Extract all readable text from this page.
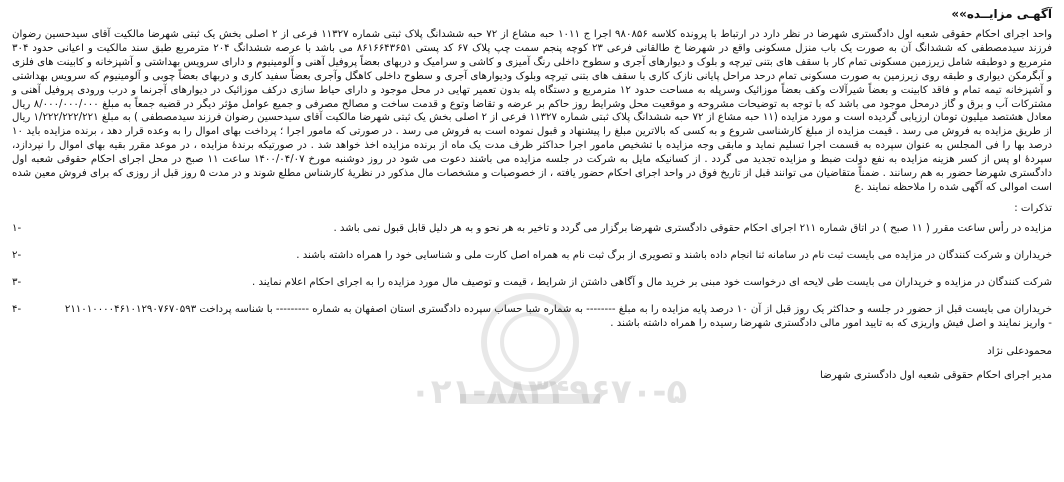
آگهـی مزایــده»»

واحد اجرای احکام حقوقی شعبه اول دادگستری شهرضا در نظر دارد در ارتباط با پرونده کلاسه ۹۸۰۸۵۶ اجرا ج ۱۰۱۱ حبه مشاع از ۷۲ حبه ششدانگ پلاک ثبتی شماره ۱۱۳۲۷ فرعی از ۲ اصلی بخش یک ثبتی شهرضا مالکیت آقای سیدحسین رضوان فرزند سیدمصطفی که ششدانگ آن به صورت یک باب منزل مسکونی واقع در شهرضا خ طالقانی فرعی ۲۳ کوچه پنجم سمت چپ پلاک ۶۷ کد پستی ۸۶۱۶۶۴۳۶۵۱ می باشد با عرصه ششدانگ ۲۰۴ مترمربع طبق سند مالکیت و اعیانی حدود ۳۰۴ مترمربع و دوطبقه شامل زیرزمین مسکونی تمام کار با سقف های بتنی تیرچه و بلوک و دیوارهای آجری و سطوح داخلی رنگ آمیزی و کاشی و سرامیک و دربهای بعضاً پروفیل آهنی و آلومینیوم و دارای سرویس بهداشتی و آشپزخانه و کابینت های فلزی و آبگرمکن دیواری و طبقه روی زیرزمین به صورت مسکونی تمام درحد مراحل پایانی نازک کاری با سقف های بتنی تیرچه وبلوک ودیوارهای آجری و سطوح داخلی کاهگل وآجری بعضاً سفید کاری و دربهای بعضاً چوبی و آلومینیوم که سرویس بهداشتی و آشپزخانه تیمه تمام و فاقد کابینت و بعضاً شیرآلات وکف بعضاً موزائیک وسرپله به مساحت حدود ۱۲ مترمربع و دستگاه پله بدون تعمیر تهایی در محل موجود و دارای حیاط سازی درکف موزائیک در دیوارهای آجرنما و درب ورودی پروفیل آهنی و مشترکات آب و برق و گاز درمحل موجود می باشد که با توجه به توضیحات مشروحه و موقعیت محل وشرایط روز حاکم بر عرضه و تقاضا وتوع و قدمت ساخت و مصالح مصرفی و جمیع عوامل مؤثر دیگر در قضیه جمعاً به مبلغ ۸/۰۰۰/۰۰۰/۰۰۰ ریال معادل هشتصد میلیون تومان ارزیابی گردیده است و مورد مزایده (۱۱ حبه مشاع از ۷۲ حبه ششدانگ پلاک ثبتی شماره ۱۱۳۲۷ فرعی از ۲ اصلی بخش یک ثبتی شهرضا مالکیت آقای سیدحسین رضوان فرزند سیدمصطفی ) به مبلغ ۱/۲۲۲/۲۲۲/۲۲۱ ریال از طریق مزایده به فروش می رسد . قیمت مزایده از مبلغ کارشناسی شروع و به کسی که بالاترین مبلغ را پیشنهاد و قبول نموده است به فروش می رسد . در صورتی که مامور اجرا ؛ پرداخت بهای اموال را به وعده قرار دهد ، برنده مزایده باید ۱۰ درصد بها را فی المجلس به عنوان سپرده به قسمت اجرا تسلیم نماید و مابقی وجه مزایده با تشخیص مامور اجرا حداکثر ظرف مدت یک ماه از برنده مزایده اخذ خواهد شد . در صورتیکه برندهٔ مزایده ، در موعد مقرر بقیه بهای اموال را نپردازد، سپردهٔ او پس از کسر هزینه مزایده به نفع دولت ضبط و مزایده تجدید می گردد . از کسانیکه مایل به شرکت در جلسه مزایده می باشند دعوت می شود در روز دوشنبه مورخ ۱۴۰۰/۰۴/۰۷ ساعت ۱۱ صبح در محل اجرای احکام حقوقی شعبه اول دادگستری شهرضا حضور به هم رسانند . ضمناً متقاضیان می توانند قبل از تاریخ فوق در واحد اجرای احکام حضور یافته ، از خصوصیات و مشخصات مال مذکور در نظریهٔ کارشناس مطلع شوند و در مدت ۵ روز قبل از روزی که برای فروش معین شده است اموالی که آگهی شده را ملاحظه نمایند .ع

تذکرات :
مزایده در رأس ساعت مقرر ( ۱۱ صبح ) در اتاق شماره ۲۱۱ اجرای احکام حقوقی دادگستری شهرضا برگزار می گردد و تاخیر به هر نحو و به هر دلیل قابل قبول نمی باشد .
-۱
خریداران و شرکت کنندگان در مزایده می بایست ثبت نام در سامانه ثنا انجام داده باشند و تصویری از برگ ثبت نام به همراه اصل کارت ملی و شناسایی خود را همراه داشته باشند .
-۲
شرکت کنندگان در مزایده و خریداران می بایست طی لایحه ای درخواست خود مبنی بر خرید مال و آگاهی داشتن از شرایط ، قیمت و توصیف مال مورد مزایده را به اجرای احکام اعلام نمایند .
-۳
خریداران می بایست قبل از حضور در جلسه و حداکثر یک روز قبل از آن ۱۰ درصد پایه مزایده را به مبلغ -------- به شماره شبا حساب سپرده دادگستری استان اصفهان به شماره --------- با شناسه پرداخت ۲۱۱۰۱۰۰۰۰۴۶۱۰۱۲۹۰۷۶۷۰۵۹۳
-۴
- واریز نمایند و اصل فیش واریزی که به تایید امور مالی دادگستری شهرضا رسیده را همراه داشته باشند .
محمودعلی نژاد
مدیر اجرای احکام حقوقی شعبه اول دادگستری شهرضا
۰۲۱-۸۸۳۴۹۶۷۰-۵
